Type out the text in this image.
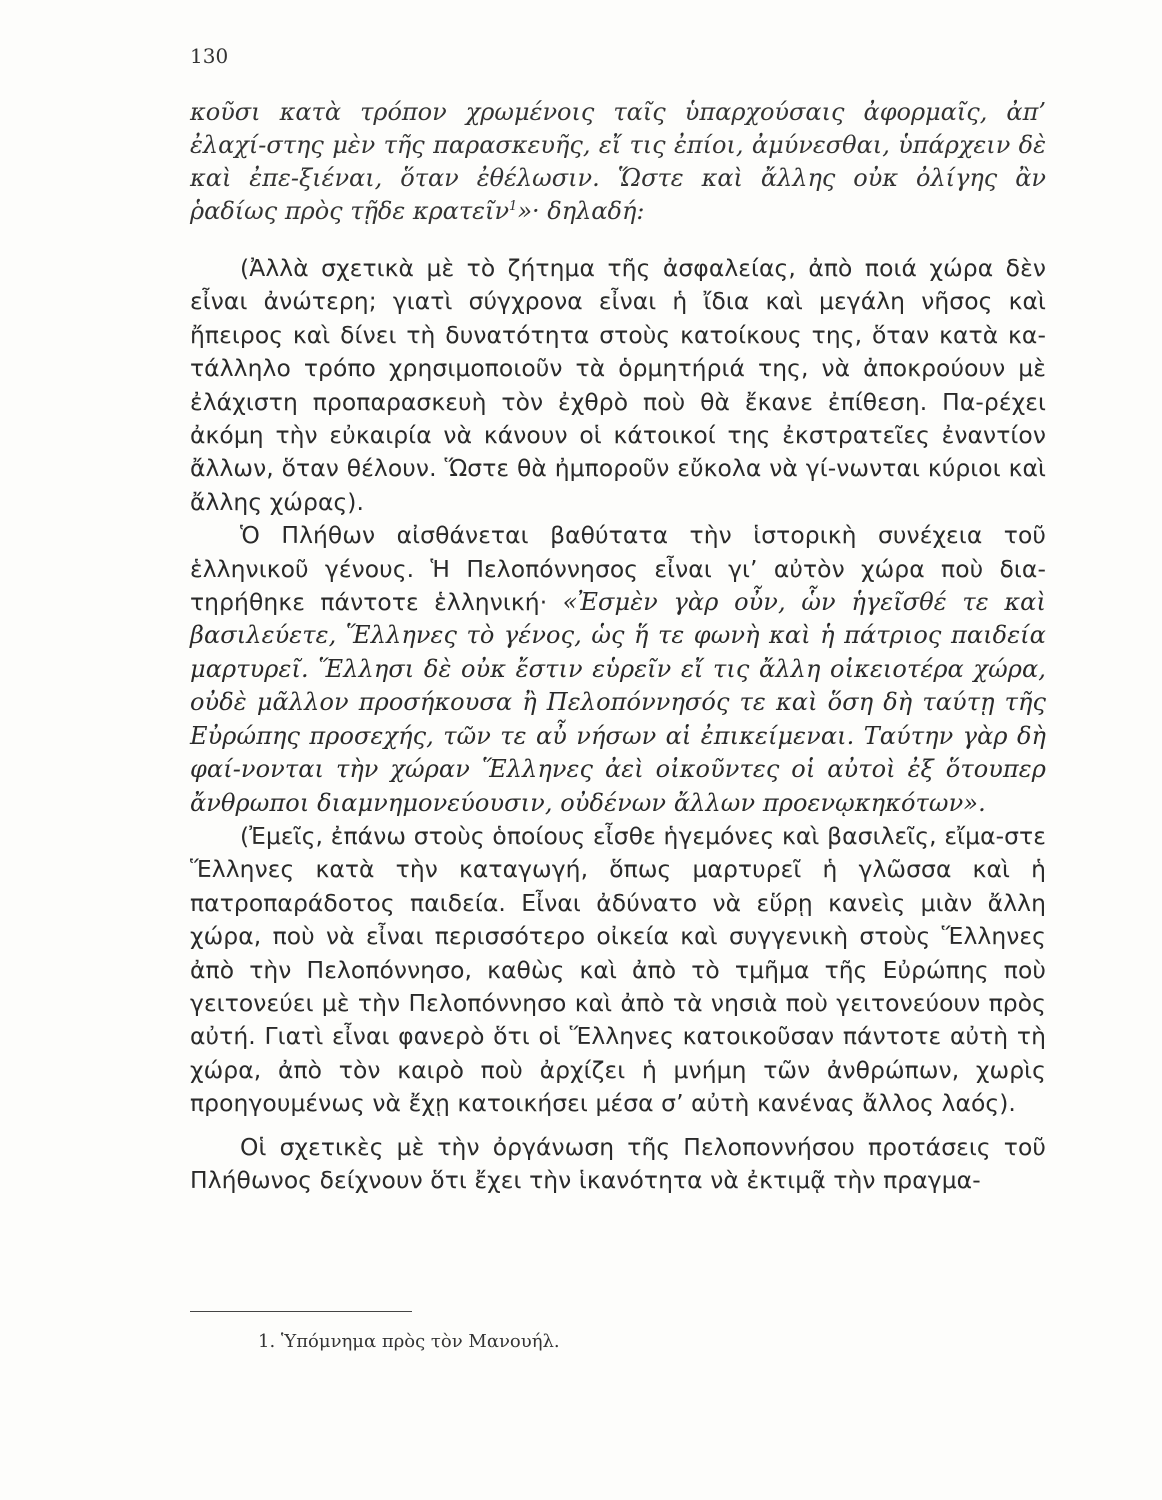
130

κοῦσι κατὰ τρόπον χρωμένοις ταῖς ὑπαρχούσαις ἀφορμαῖς, ἀπ’ ἐλαχί-στης μὲν τῆς παρασκευῆς, εἴ τις ἐπίοι, ἀμύνεσθαι, ὑπάρχειν δὲ καὶ ἐπε-ξιέναι, ὅταν ἐθέλωσιν. Ὥστε καὶ ἄλλης οὐκ ὀλίγης ἂν ῥαδίως πρὸς τῇδε κρατεῖν$^1$»· δηλαδή:

(Ἀλλὰ σχετικὰ μὲ τὸ ζήτημα τῆς ἀσφαλείας, ἀπὸ ποιά χώρα δὲν εἶναι ἀνώτερη; γιατὶ σύγχρονα εἶναι ἡ ἴδια καὶ μεγάλη νῆσος καὶ ἤπειρος καὶ δίνει τὴ δυνατότητα στοὺς κατοίκους της, ὅταν κατὰ κα-τάλληλο τρόπο χρησιμοποιοῦν τὰ ὁρμητήριά της, νὰ ἀποκρούουν μὲ ἐλάχιστη προπαρασκευὴ τὸν ἐχθρὸ ποὺ θὰ ἔκανε ἐπίθεση. Πα-ρέχει ἀκόμη τὴν εὐκαιρία νὰ κάνουν οἱ κάτοικοί της ἐκστρατεῖες ἐναντίον ἄλλων, ὅταν θέλουν. Ὥστε θὰ ἠμποροῦν εὔκολα νὰ γί-νωνται κύριοι καὶ ἄλλης χώρας).

Ὁ Πλήθων αἰσθάνεται βαθύτατα τὴν ἱστορικὴ συνέχεια τοῦ ἑλληνικοῦ γένους. Ἡ Πελοπόννησος εἶναι γι’ αὐτὸν χώρα ποὺ δια-τηρήθηκε πάντοτε ἑλληνική· «Ἐσμὲν γὰρ οὖν, ὧν ἡγεῖσθέ τε καὶ βασιλεύετε, Ἕλληνες τὸ γένος, ὡς ἥ τε φωνὴ καὶ ἡ πάτριος παιδεία μαρτυρεῖ. Ἕλλησι δὲ οὐκ ἔστιν εὑρεῖν εἴ τις ἄλλη οἰκειοτέρα χώρα, οὐδὲ μᾶλλον προσήκουσα ἢ Πελοπόννησός τε καὶ ὅση δὴ ταύτῃ τῆς Εὐρώπης προσεχής, τῶν τε αὖ νήσων αἱ ἐπικείμεναι. Ταύτην γὰρ δὴ φαί-νονται τὴν χώραν Ἕλληνες ἀεὶ οἰκοῦντες οἱ αὐτοὶ ἐξ ὅτουπερ ἄνθρωποι διαμνημονεύουσιν, οὐδένων ἄλλων προενῳκηκότων».

(Ἐμεῖς, ἐπάνω στοὺς ὁποίους εἶσθε ἡγεμόνες καὶ βασιλεῖς, εἴμα-στε Ἕλληνες κατὰ τὴν καταγωγή, ὅπως μαρτυρεῖ ἡ γλῶσσα καὶ ἡ πατροπαράδοτος παιδεία. Εἶναι ἀδύνατο νὰ εὕρῃ κανεὶς μιὰν ἄλλη χώρα, ποὺ νὰ εἶναι περισσότερο οἰκεία καὶ συγγενικὴ στοὺς Ἕλληνες ἀπὸ τὴν Πελοπόννησο, καθὼς καὶ ἀπὸ τὸ τμῆμα τῆς Εὐρώπης ποὺ γειτονεύει μὲ τὴν Πελοπόννησο καὶ ἀπὸ τὰ νησιὰ ποὺ γειτονεύουν πρὸς αὐτή. Γιατὶ εἶναι φανερὸ ὅτι οἱ Ἕλληνες κατοικοῦσαν πάντοτε αὐτὴ τὴ χώρα, ἀπὸ τὸν καιρὸ ποὺ ἀρχίζει ἡ μνήμη τῶν ἀνθρώπων, χωρὶς προηγουμένως νὰ ἔχῃ κατοικήσει μέσα σ’ αὐτὴ κανένας ἄλλος λαός).

Οἱ σχετικὲς μὲ τὴν ὀργάνωση τῆς Πελοποννήσου προτάσεις τοῦ Πλήθωνος δείχνουν ὅτι ἔχει τὴν ἱκανότητα νὰ ἐκτιμᾷ τὴν πραγμα-

1. Ὑπόμνημα πρὸς τὸν Μανουήλ.
